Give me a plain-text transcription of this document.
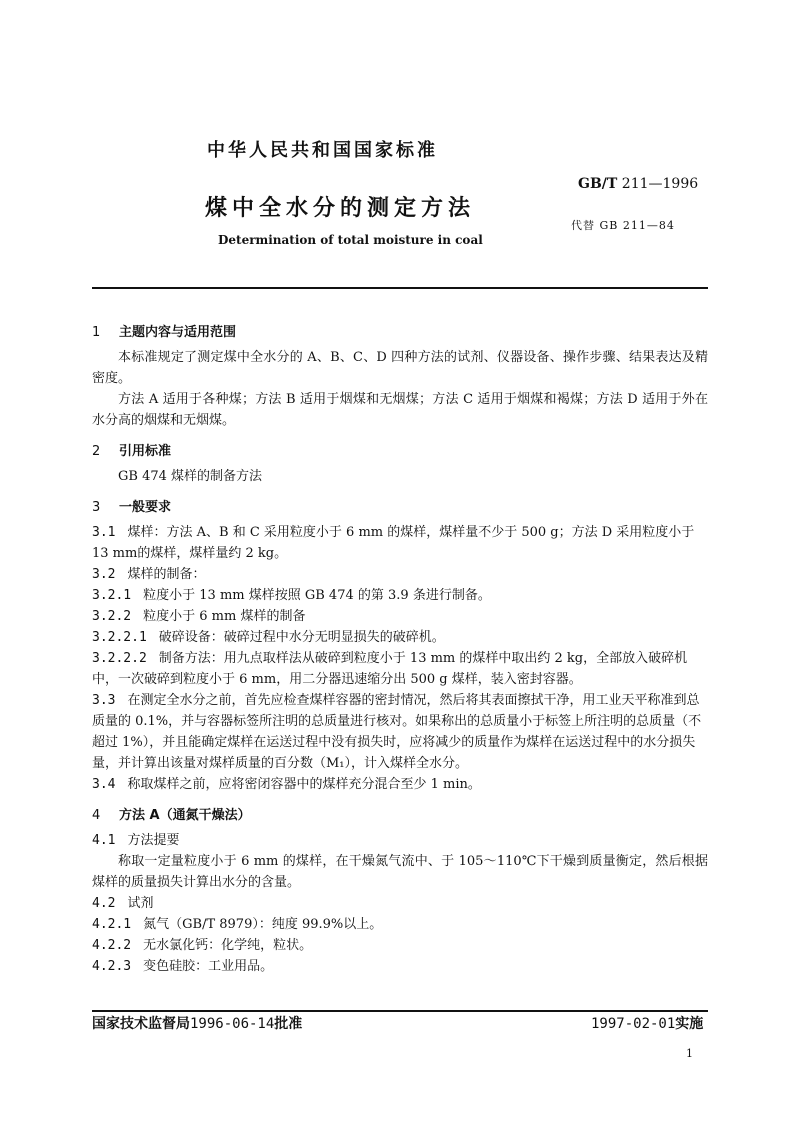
中华人民共和国国家标准
GB/T 211—1996
代替 GB 211—84
煤中全水分的测定方法
Determination of total moisture in coal
1 主题内容与适用范围
本标准规定了测定煤中全水分的 A、B、C、D 四种方法的试剂、仪器设备、操作步骤、结果表达及精密度。
方法 A 适用于各种煤；方法 B 适用于烟煤和无烟煤；方法 C 适用于烟煤和褐煤；方法 D 适用于外在水分高的烟煤和无烟煤。
2 引用标准
GB 474 煤样的制备方法
3 一般要求
3.1 煤样：方法 A、B 和 C 采用粒度小于 6 mm 的煤样，煤样量不少于 500 g；方法 D 采用粒度小于 13 mm的煤样，煤样量约 2 kg。
3.2 煤样的制备：
3.2.1 粒度小于 13 mm 煤样按照 GB 474 的第 3.9 条进行制备。
3.2.2 粒度小于 6 mm 煤样的制备
3.2.2.1 破碎设备：破碎过程中水分无明显损失的破碎机。
3.2.2.2 制备方法：用九点取样法从破碎到粒度小于 13 mm 的煤样中取出约 2 kg，全部放入破碎机中，一次破碎到粒度小于 6 mm，用二分器迅速缩分出 500 g 煤样，装入密封容器。
3.3 在测定全水分之前，首先应检查煤样容器的密封情况，然后将其表面擦拭干净，用工业天平称准到总质量的 0.1%，并与容器标签所注明的总质量进行核对。如果称出的总质量小于标签上所注明的总质量（不超过 1%），并且能确定煤样在运送过程中没有损失时，应将减少的质量作为煤样在运送过程中的水分损失量，并计算出该量对煤样质量的百分数（M₁），计入煤样全水分。
3.4 称取煤样之前，应将密闭容器中的煤样充分混合至少 1 min。
4 方法 A（通氮干燥法）
4.1 方法提要
称取一定量粒度小于 6 mm 的煤样，在干燥氮气流中、于 105～110℃下干燥到质量衡定，然后根据煤样的质量损失计算出水分的含量。
4.2 试剂
4.2.1 氮气（GB/T 8979）：纯度 99.9%以上。
4.2.2 无水氯化钙：化学纯，粒状。
4.2.3 变色硅胶：工业用品。
国家技术监督局1996-06-14批准	1997-02-01实施
1
